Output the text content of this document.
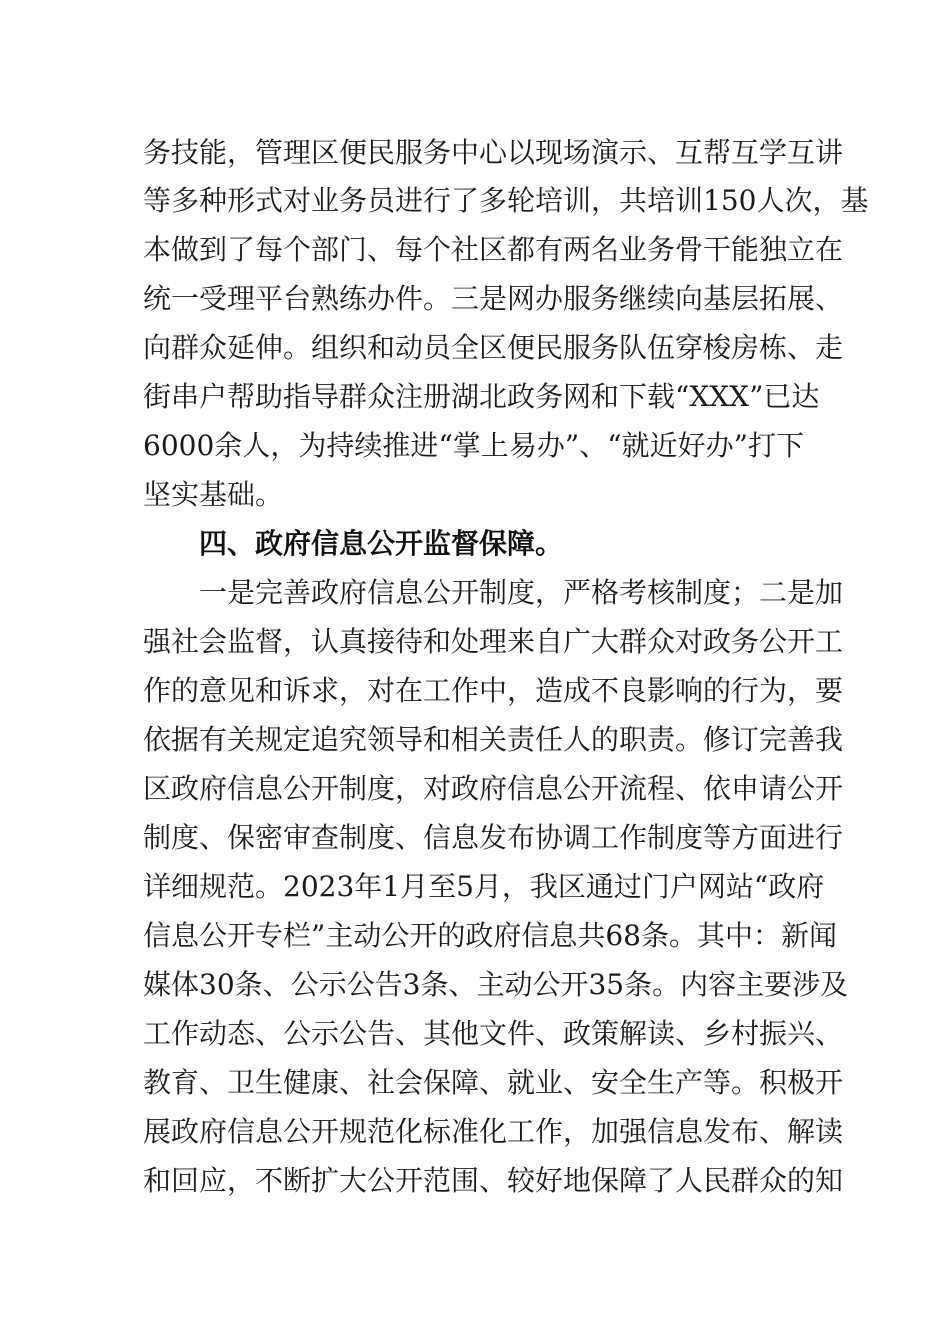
务技能，管理区便民服务中心以现场演示、互帮互学互讲
等多种形式对业务员进行了多轮培训，共培训150人次，基
本做到了每个部门、每个社区都有两名业务骨干能独立在
统一受理平台熟练办件。三是网办服务继续向基层拓展、
向群众延伸。组织和动员全区便民服务队伍穿梭房栋、走
街串户帮助指导群众注册湖北政务网和下载“XXX”已达
6000余人，为持续推进“掌上易办”、“就近好办”打下
坚实基础。
四、政府信息公开监督保障。
一是完善政府信息公开制度，严格考核制度；二是加
强社会监督，认真接待和处理来自广大群众对政务公开工
作的意见和诉求，对在工作中，造成不良影响的行为，要
依据有关规定追究领导和相关责任人的职责。修订完善我
区政府信息公开制度，对政府信息公开流程、依申请公开
制度、保密审查制度、信息发布协调工作制度等方面进行
详细规范。2023年1月至5月，我区通过门户网站“政府
信息公开专栏”主动公开的政府信息共68条。其中：新闻
媒体30条、公示公告3条、主动公开35条。内容主要涉及
工作动态、公示公告、其他文件、政策解读、乡村振兴、
教育、卫生健康、社会保障、就业、安全生产等。积极开
展政府信息公开规范化标准化工作，加强信息发布、解读
和回应，不断扩大公开范围、较好地保障了人民群众的知
